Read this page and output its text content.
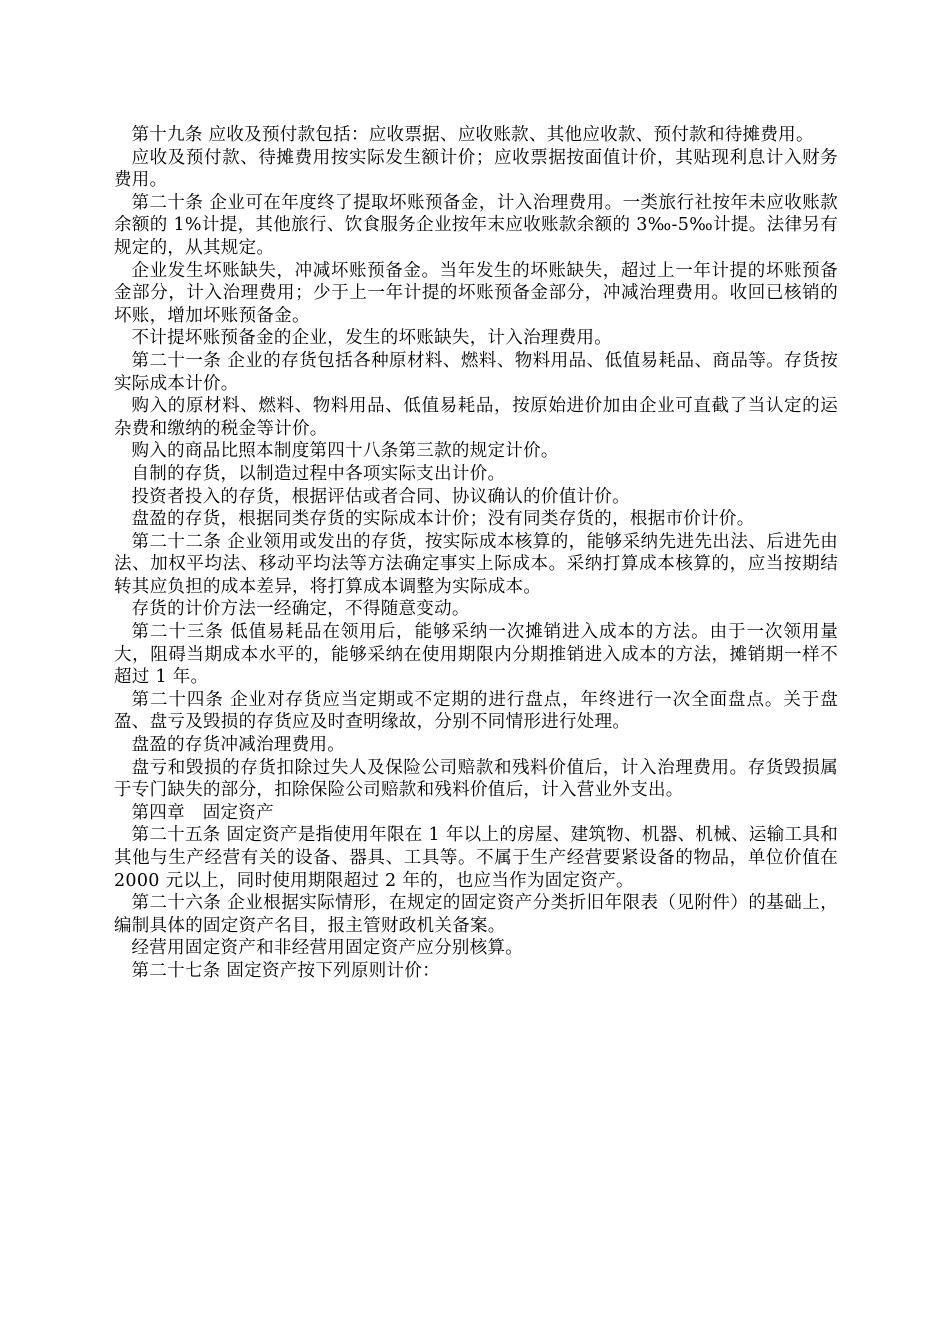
第十九条 应收及预付款包括：应收票据、应收账款、其他应收款、预付款和待摊费用。

应收及预付款、待摊费用按实际发生额计价；应收票据按面值计价，其贴现利息计入财务费用。

第二十条 企业可在年度终了提取坏账预备金，计入治理费用。一类旅行社按年未应收账款余额的 1%计提，其他旅行、饮食服务企业按年末应收账款余额的 3‰-5‰计提。法律另有规定的，从其规定。

企业发生坏账缺失，冲减坏账预备金。当年发生的坏账缺失，超过上一年计提的坏账预备金部分，计入治理费用；少于上一年计提的坏账预备金部分，冲减治理费用。收回已核销的坏账，增加坏账预备金。

不计提坏账预备金的企业，发生的坏账缺失，计入治理费用。

第二十一条 企业的存货包括各种原材料、燃料、物料用品、低值易耗品、商品等。存货按实际成本计价。

购入的原材料、燃料、物料用品、低值易耗品，按原始进价加由企业可直截了当认定的运杂费和缴纳的税金等计价。

购入的商品比照本制度第四十八条第三款的规定计价。

自制的存货，以制造过程中各项实际支出计价。

投资者投入的存货，根据评估或者合同、协议确认的价值计价。

盘盈的存货，根据同类存货的实际成本计价；没有同类存货的，根据市价计价。

第二十二条 企业领用或发出的存货，按实际成本核算的，能够采纳先进先出法、后进先由法、加权平均法、移动平均法等方法确定事实上际成本。采纳打算成本核算的，应当按期结转其应负担的成本差异，将打算成本调整为实际成本。

存货的计价方法一经确定，不得随意变动。

第二十三条 低值易耗品在领用后，能够采纳一次摊销进入成本的方法。由于一次领用量大，阻碍当期成本水平的，能够采纳在使用期限内分期推销进入成本的方法，摊销期一样不超过 1 年。

第二十四条 企业对存货应当定期或不定期的进行盘点，年终进行一次全面盘点。关于盘盈、盘亏及毁损的存货应及时查明缘故，分别不同情形进行处理。

盘盈的存货冲减治理费用。

盘亏和毁损的存货扣除过失人及保险公司赔款和残料价值后，计入治理费用。存货毁损属于专门缺失的部分，扣除保险公司赔款和残料价值后，计入营业外支出。

第四章　固定资产

第二十五条 固定资产是指使用年限在 1 年以上的房屋、建筑物、机器、机械、运输工具和其他与生产经营有关的设备、器具、工具等。不属于生产经营要紧设备的物品，单位价值在 2000 元以上，同时使用期限超过 2 年的，也应当作为固定资产。

第二十六条 企业根据实际情形，在规定的固定资产分类折旧年限表（见附件）的基础上，编制具体的固定资产名目，报主管财政机关备案。

经营用固定资产和非经营用固定资产应分别核算。

第二十七条 固定资产按下列原则计价：
